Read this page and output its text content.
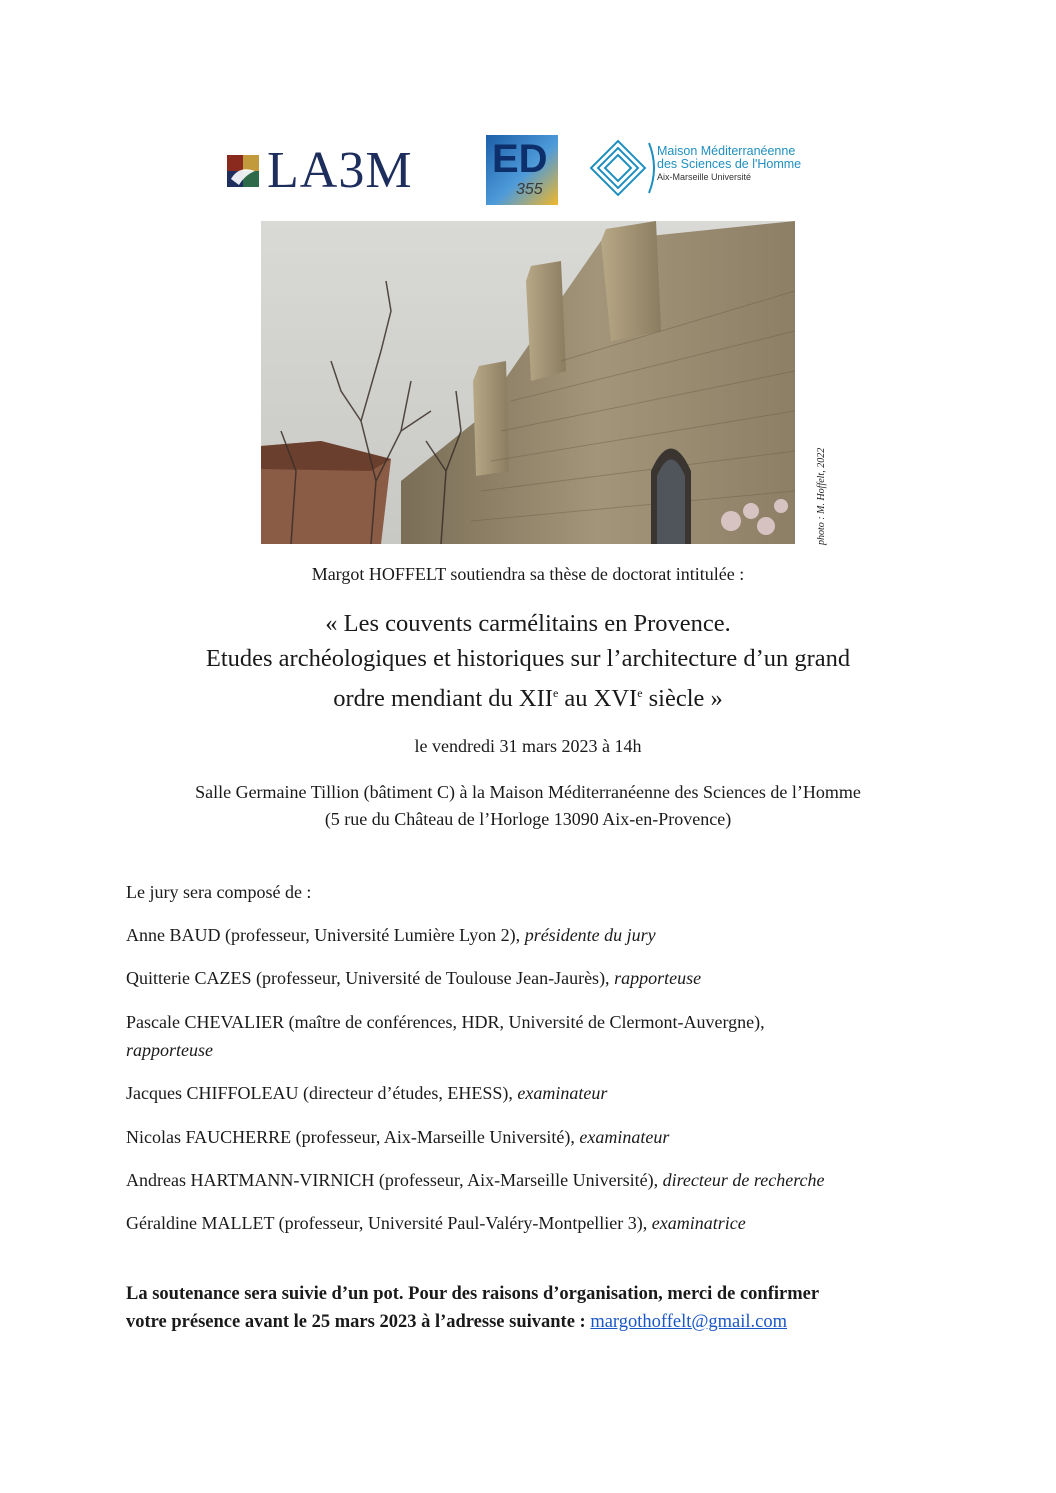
LA3M ED
355
Maison Méditerranéenne
des Sciences de l'Homme
Aix-Marseille Université
photo : M. Hoffelt, 2022
Margot HOFFELT soutiendra sa thèse de doctorat intitulée :
« Les couvents carmélitains en Provence.
Etudes archéologiques et historiques sur l’architecture d’un grand
ordre mendiant du XIIe au XVIe siècle »
le vendredi 31 mars 2023 à 14h
Salle Germaine Tillion (bâtiment C) à la Maison Méditerranéenne des Sciences de l’Homme
(5 rue du Château de l’Horloge 13090 Aix-en-Provence)

Le jury sera composé de :

Anne BAUD (professeur, Université Lumière Lyon 2), présidente du jury

Quitterie CAZES (professeur, Université de Toulouse Jean-Jaurès), rapporteuse

Pascale CHEVALIER (maître de conférences, HDR, Université de Clermont-Auvergne),

rapporteuse

Jacques CHIFFOLEAU (directeur d’études, EHESS), examinateur

Nicolas FAUCHERRE (professeur, Aix-Marseille Université), examinateur

Andreas HARTMANN-VIRNICH (professeur, Aix-Marseille Université), directeur de recherche

Géraldine MALLET (professeur, Université Paul-Valéry-Montpellier 3), examinatrice

La soutenance sera suivie d’un pot. Pour des raisons d’organisation, merci de confirmer
votre présence avant le 25 mars 2023 à l’adresse suivante : margothoffelt@gmail.com
